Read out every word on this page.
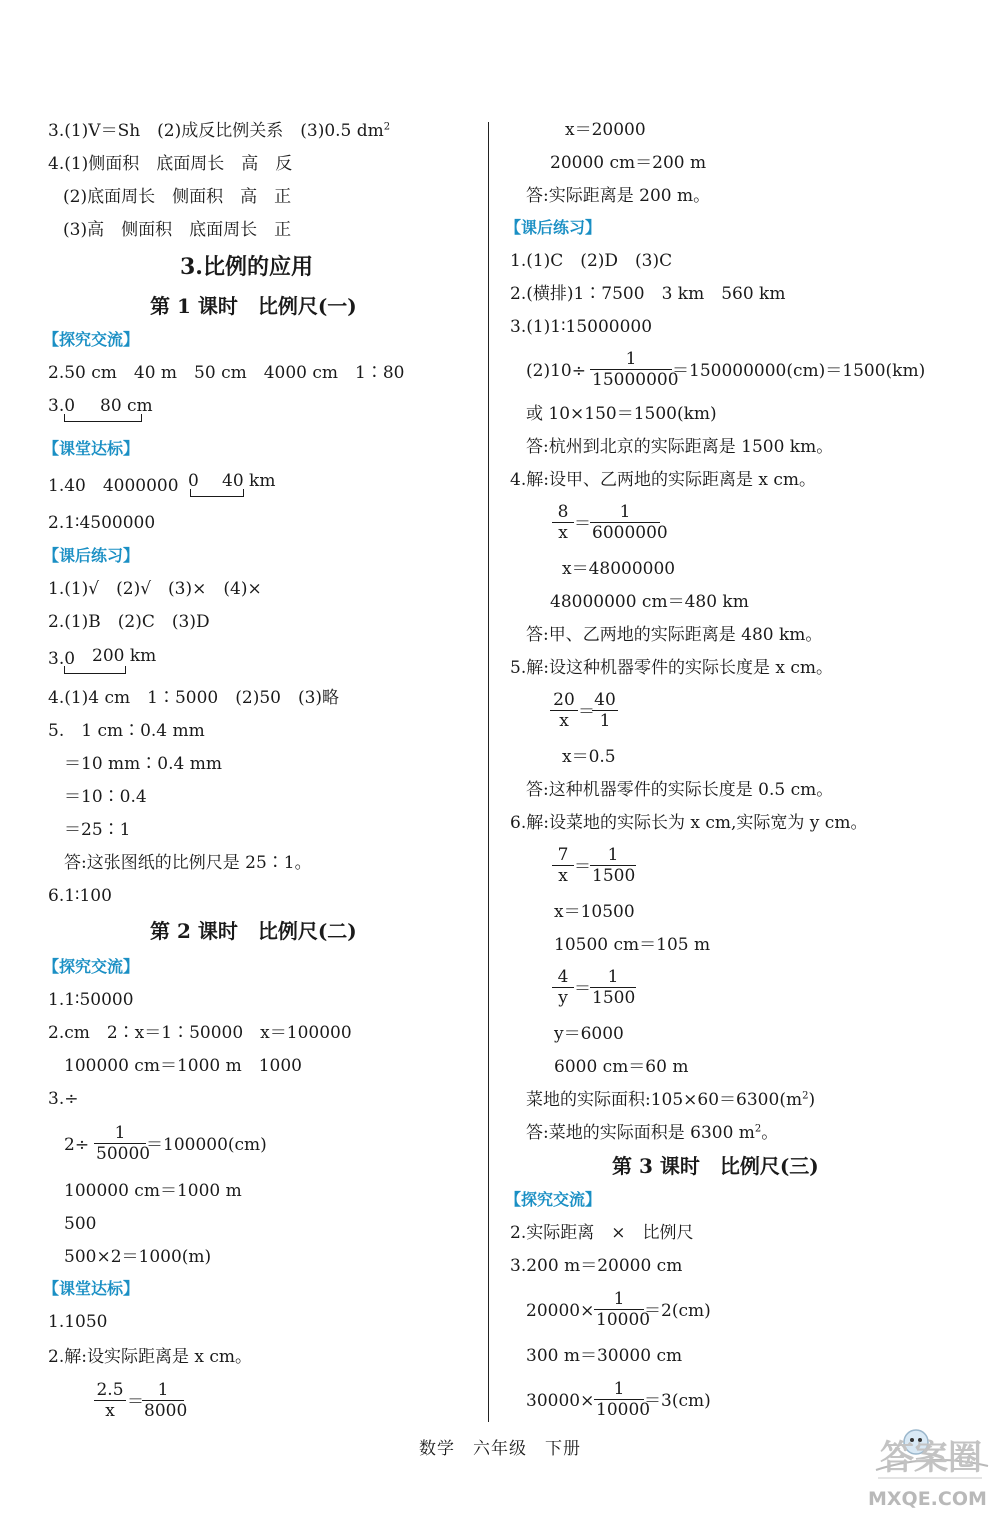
3.(1)V＝Sh　(2)成反比例关系　(3)0.5 $dm^2$
4.(1)侧面积　底面周长　高　反
(2)底面周长　侧面积　高　正
(3)高　侧面积　底面周长　正
3.比例的应用
第 1 课时　比例尺(一)
【探究交流】
2.50 cm　40 m　50 cm　4000 cm　1∶80
3.0 80 cm
【课堂达标】
1.40　4000000 0 40 km
2.1∶4500000
【课后练习】
1.(1)√　(2)√　(3)×　(4)×
2.(1)B　(2)C　(3)D
3.0 200 km
4.(1)4 cm　1∶5000　(2)50　(3)略
5.　1 cm∶0.4 mm
＝10 mm∶0.4 mm
＝10∶0.4
＝25∶1
答:这张图纸的比例尺是 25∶1。
6.1∶100
第 2 课时　比例尺(二)
【探究交流】
1.1∶50000
2.cm　2∶x＝1∶50000　x＝100000
100000 cm＝1000 m　1000
3.÷
$2\div \frac{1}{50000} =100000(cm)$
100000 cm＝1000 m
500
500×2＝1000(m)
【课堂达标】
1.1050
2.解:设实际距离是 x cm。
$\frac{2.5}{x}$ ＝
$\frac{1}{8000}$
x＝20000
20000 cm＝200 m
答:实际距离是 200 m。
【课后练习】
1.(1)C　(2)D　(3)C
2.(横排)1∶7500　3 km　560 km
3.(1)1∶15000000
$(2)10\div \frac{1}{15000000} =150000000(cm)=1500(km)$
或 10×150＝1500(km)
答:杭州到北京的实际距离是 1500 km。
4.解:设甲、乙两地的实际距离是 x cm。
$\frac{8}{x} = \frac{1}{6000000}$
x＝48000000
48000000 cm＝480 km
答:甲、乙两地的实际距离是 480 km。
5.解:设这种机器零件的实际长度是 x cm。
$\frac{20}{x}$ ＝
$\frac{40}{1}$
x＝0.5
答:这种机器零件的实际长度是 0.5 cm。
6.解:设菜地的实际长为 x cm,实际宽为 y cm。
$\frac{7}{x} = \frac{1}{1500}$
x＝10500
10500 cm＝105 m
$\frac{4}{y} = \frac{1}{1500}$
y＝6000
6000 cm＝60 m
菜地的实际面积$:105\times 60=6300(m^2)$
答:菜地的实际面积是 6300 $m^2$。
第 3 课时　比例尺(三)
【探究交流】
2.实际距离　×　比例尺
3.200 m＝20000 cm
$20000\times \frac{1}{10000} =2(cm)$
300 m＝30000 cm
$30000\times \frac{1}{10000} =3(cm)$
数学　六年级　下册	答案圈
MXQE.COM
